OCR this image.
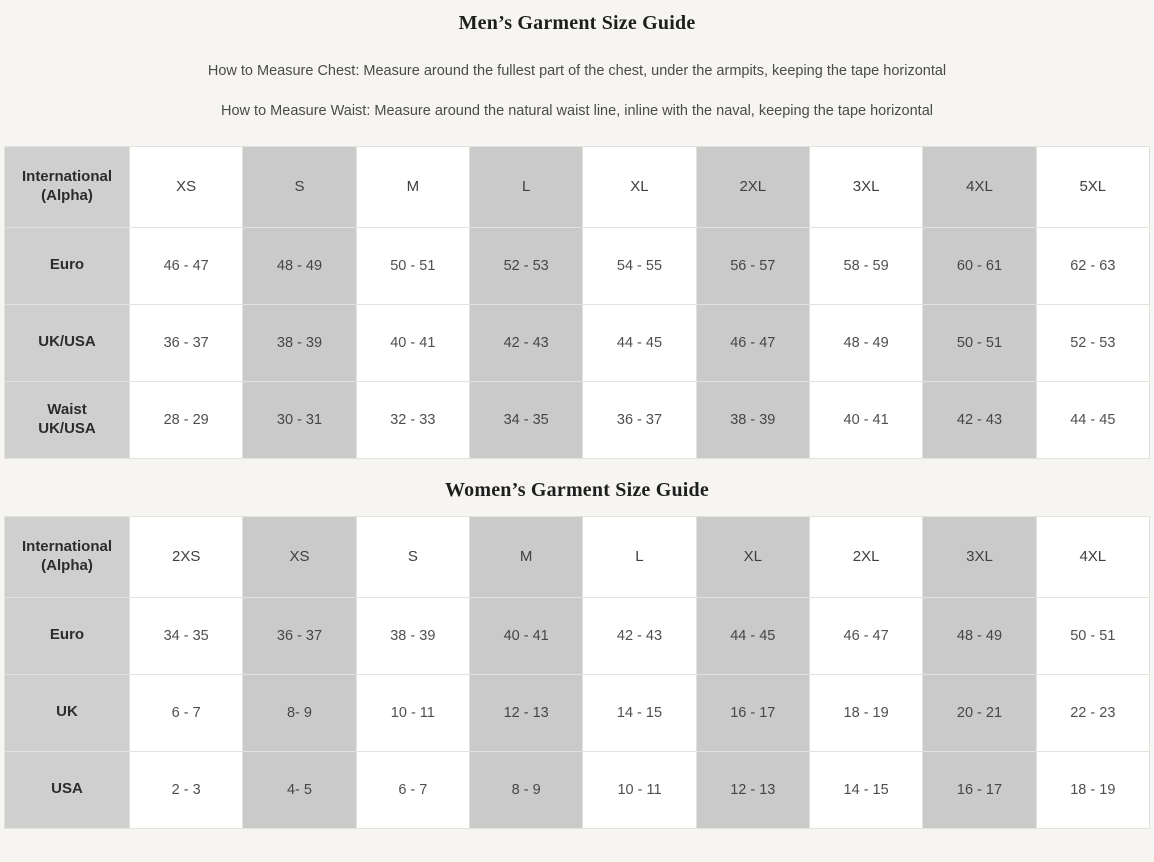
Men’s Garment Size Guide

How to Measure Chest: Measure around the fullest part of the chest, under the armpits, keeping the tape horizontal

How to Measure Waist: Measure around the natural waist line, inline with the naval, keeping the tape horizontal

International
(Alpha)	XS	S	M	L	XL	2XL	3XL	4XL	5XL
Euro	46 - 47	48 - 49	50 - 51	52 - 53	54 - 55	56 - 57	58 - 59	60 - 61	62 - 63
UK/USA	36 - 37	38 - 39	40 - 41	42 - 43	44 - 45	46 - 47	48 - 49	50 - 51	52 - 53
Waist
UK/USA	28 - 29	30 - 31	32 - 33	34 - 35	36 - 37	38 - 39	40 - 41	42 - 43	44 - 45
Women’s Garment Size Guide
International
(Alpha)	2XS	XS	S	M	L	XL	2XL	3XL	4XL
Euro	34 - 35	36 - 37	38 - 39	40 - 41	42 - 43	44 - 45	46 - 47	48 - 49	50 - 51
UK	6 - 7	8- 9	10 - 11	12 - 13	14 - 15	16 - 17	18 - 19	20 - 21	22 - 23
USA	2 - 3	4- 5	6 - 7	8 - 9	10 - 11	12 - 13	14 - 15	16 - 17	18 - 19
